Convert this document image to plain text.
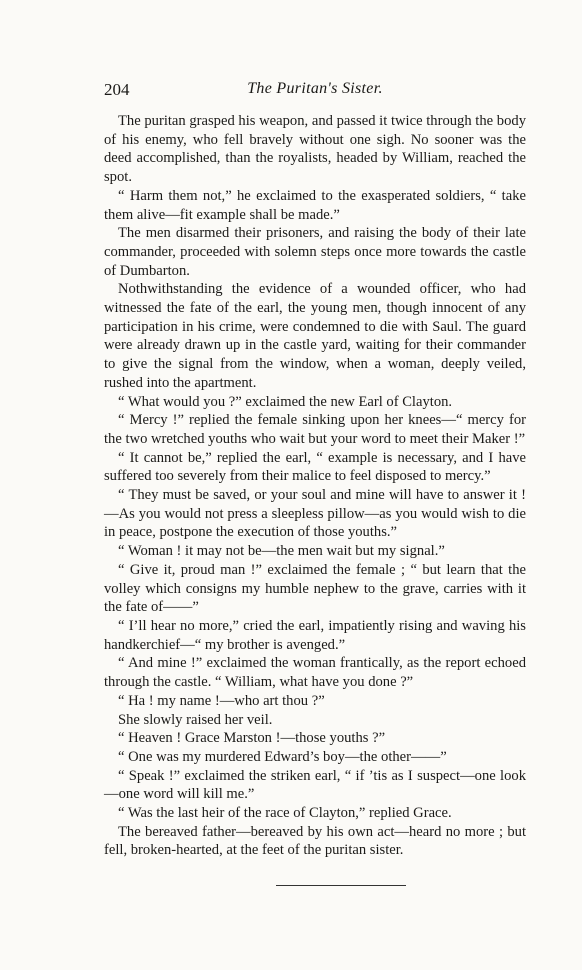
204	The Puritan's Sister.

The puritan grasped his weapon, and passed it twice through the body of his enemy, who fell bravely without one sigh. No sooner was the deed accomplished, than the royalists, headed by William, reached the spot.

“ Harm them not,” he exclaimed to the exasperated soldiers, “ take them alive—fit example shall be made.”

The men disarmed their prisoners, and raising the body of their late commander, proceeded with solemn steps once more towards the castle of Dumbarton.

Nothwithstanding the evidence of a wounded officer, who had witnessed the fate of the earl, the young men, though innocent of any participation in his crime, were condemned to die with Saul. The guard were already drawn up in the castle yard, waiting for their commander to give the signal from the window, when a woman, deeply veiled, rushed into the apartment.

“ What would you ?” exclaimed the new Earl of Clayton.

“ Mercy !” replied the female sinking upon her knees—“ mercy for the two wretched youths who wait but your word to meet their Maker !”

“ It cannot be,” replied the earl, “ example is necessary, and I have suffered too severely from their malice to feel disposed to mercy.”

“ They must be saved, or your soul and mine will have to answer it ! —As you would not press a sleepless pillow—as you would wish to die in peace, postpone the execution of those youths.”

“ Woman ! it may not be—the men wait but my signal.”

“ Give it, proud man !” exclaimed the female ; “ but learn that the volley which consigns my humble nephew to the grave, carries with it the fate of——”

“ I’ll hear no more,” cried the earl, impatiently rising and waving his handkerchief—“ my brother is avenged.”

“ And mine !” exclaimed the woman frantically, as the report echoed through the castle. “ William, what have you done ?”

“ Ha ! my name !—who art thou ?”

She slowly raised her veil.

“ Heaven ! Grace Marston !—those youths ?”

“ One was my murdered Edward’s boy—the other——”

“ Speak !” exclaimed the striken earl, “ if ’tis as I suspect—one look —one word will kill me.”

“ Was the last heir of the race of Clayton,” replied Grace.

The bereaved father—bereaved by his own act—heard no more ; but fell, broken-hearted, at the feet of the puritan sister.
